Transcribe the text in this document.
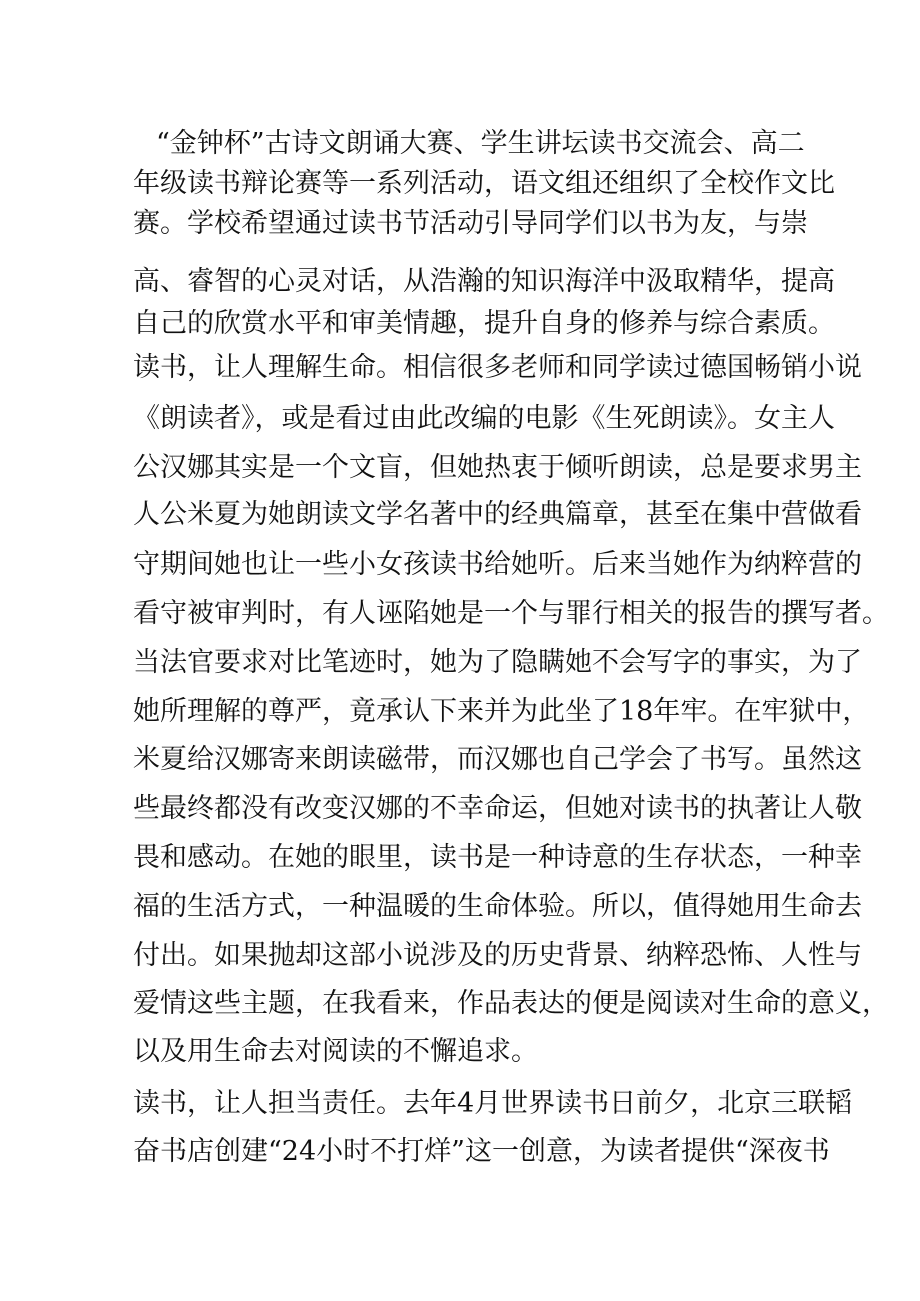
“金钟杯”古诗文朗诵大赛、学生讲坛读书交流会、高二
年级读书辩论赛等一系列活动，语文组还组织了全校作文比
赛。学校希望通过读书节活动引导同学们以书为友，与崇
高、睿智的心灵对话，从浩瀚的知识海洋中汲取精华，提高
自己的欣赏水平和审美情趣，提升自身的修养与综合素质。
读书，让人理解生命。相信很多老师和同学读过德国畅销小说
《朗读者》，或是看过由此改编的电影《生死朗读》。女主人
公汉娜其实是一个文盲，但她热衷于倾听朗读，总是要求男主
人公米夏为她朗读文学名著中的经典篇章，甚至在集中营做看
守期间她也让一些小女孩读书给她听。后来当她作为纳粹营的
看守被审判时，有人诬陷她是一个与罪行相关的报告的撰写者。
当法官要求对比笔迹时，她为了隐瞒她不会写字的事实，为了
她所理解的尊严，竟承认下来并为此坐了18年牢。在牢狱中，
米夏给汉娜寄来朗读磁带，而汉娜也自己学会了书写。虽然这
些最终都没有改变汉娜的不幸命运，但她对读书的执著让人敬
畏和感动。在她的眼里，读书是一种诗意的生存状态，一种幸
福的生活方式，一种温暖的生命体验。所以，值得她用生命去
付出。如果抛却这部小说涉及的历史背景、纳粹恐怖、人性与
爱情这些主题，在我看来，作品表达的便是阅读对生命的意义，
以及用生命去对阅读的不懈追求。
读书，让人担当责任。去年4月世界读书日前夕，北京三联韬
奋书店创建“24小时不打烊”这一创意，为读者提供“深夜书
